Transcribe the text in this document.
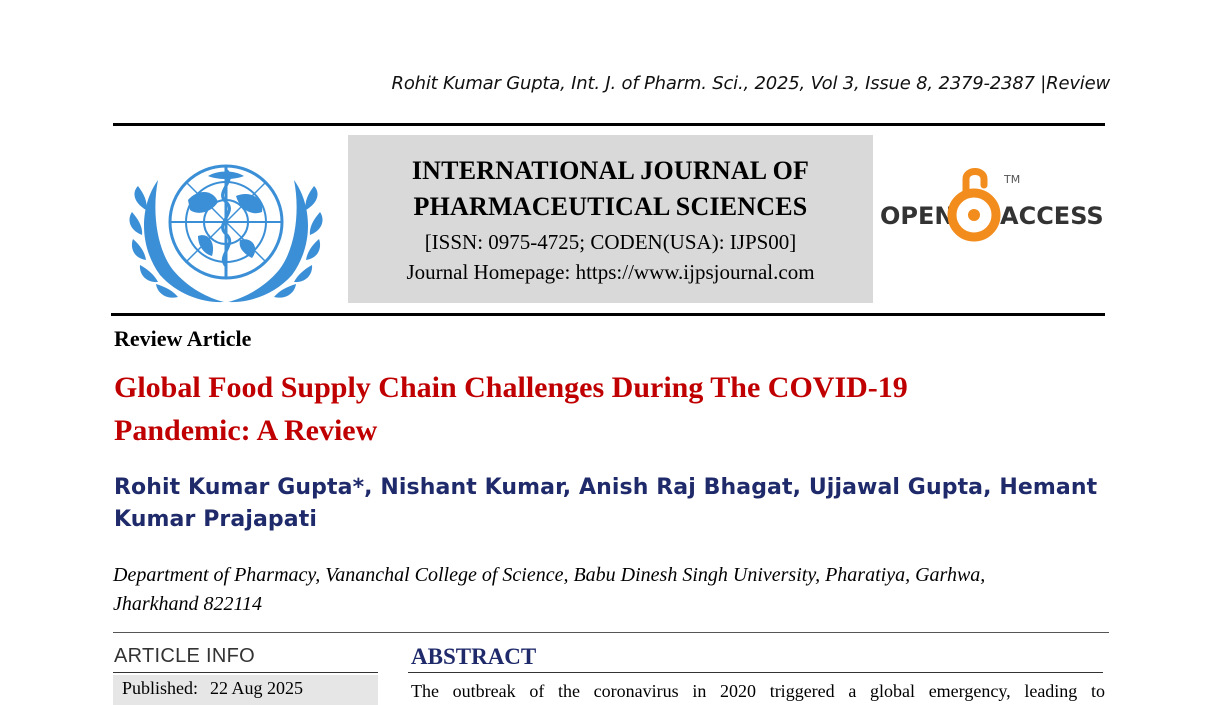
Rohit Kumar Gupta, Int. J. of Pharm. Sci., 2025, Vol 3, Issue 8, 2379-2387 |Review
INTERNATIONAL JOURNAL OF
PHARMACEUTICAL SCIENCES
[ISSN: 0975-4725; CODEN(USA): IJPS00]
Journal Homepage: https://www.ijpsjournal.com
OPEN ACCESS
TM
Review Article
Global Food Supply Chain Challenges During The COVID-19
Pandemic: A Review
Rohit Kumar Gupta*, Nishant Kumar, Anish Raj Bhagat, Ujjawal Gupta, Hemant
Kumar Prajapati
Department of Pharmacy, Vananchal College of Science, Babu Dinesh Singh University, Pharatiya, Garhwa,
Jharkhand 822114
ARTICLE INFO
Published: 22 Aug 2025
ABSTRACT
The outbreak of the coronavirus in 2020 triggered a global emergency, leading to
